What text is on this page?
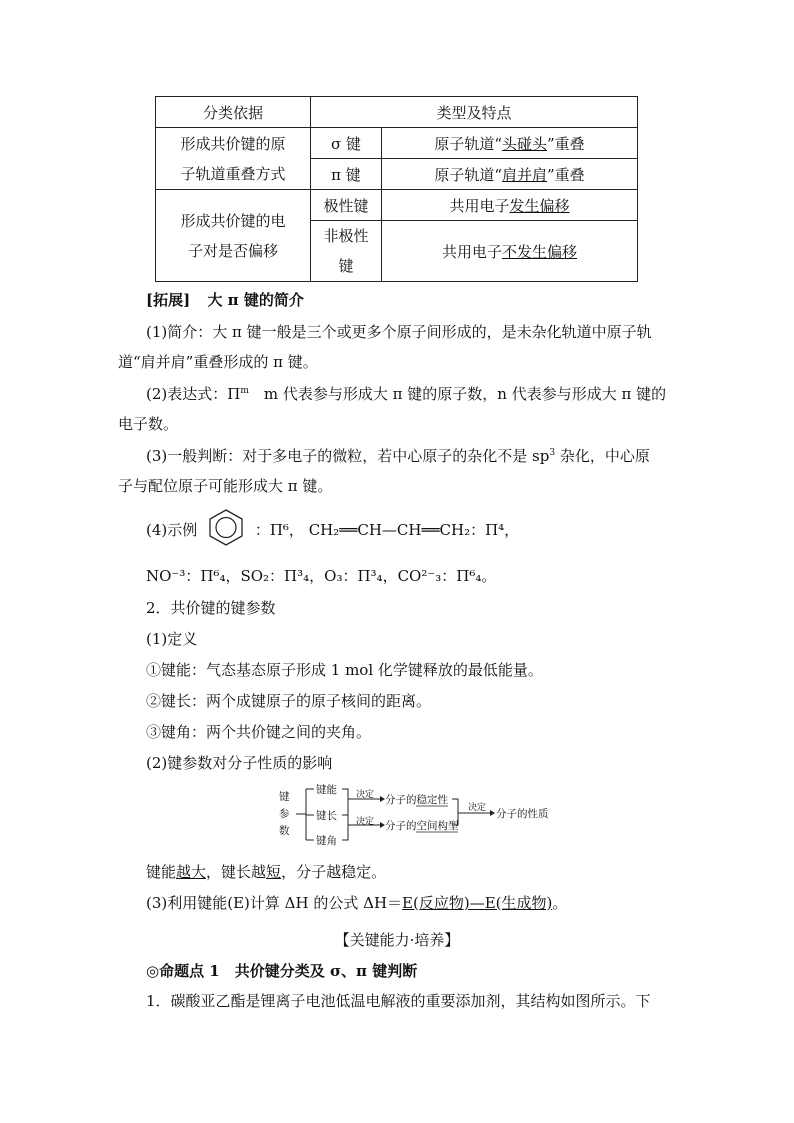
分类依据	类型及特点	

形成共价键的原
子轨道重叠方式	σ 键	原子轨道“头碰头”重叠
	π 键	原子轨道“肩并肩”重叠

形成共价键的电
子对是否偏移	极性键	共用电子发生偏移

	非极性
键	共用电子不发生偏移
[拓展] 大 π 键的简介
(1)简介：大 π 键一般是三个或更多个原子间形成的，是未杂化轨道中原子轨
道“肩并肩”重叠形成的 π 键。
(2)表达式：$\Pi^m$　m 代表参与形成大 π 键的原子数，n 代表参与形成大 π 键的
电子数。
(3)一般判断：对于多电子的微粒，若中心原子的杂化不是 $sp^3$ 杂化，中心原
子与配位原子可能形成大 π 键。
(4)示例	：Π⁶， CH₂══CH—CH══CH₂：Π⁴，
NO⁻³：Π⁶₄，SO₂：Π³₄，O₃：Π³₄，CO²⁻₃：Π⁶₄。
2．共价键的键参数
(1)定义
①键能：气态基态原子形成 1 mol 化学键释放的最低能量。
②键长：两个成键原子的原子核间的距离。
③键角：两个共价键之间的夹角。
(2)键参数对分子性质的影响
键
参
数
键能
键长
键角
决定
决定
分子的稳定性
分子的空间构型
决定 分子的性质
键能越大，键长越短，分子越稳定。
(3)利用键能(E)计算 ΔH 的公式 ΔH＝E(反应物)—E(生成物)。
【关键能力·培养】
◎命题点 1　共价键分类及 σ、π 键判断
1．碳酸亚乙酯是锂离子电池低温电解液的重要添加剂，其结构如图所示。下
